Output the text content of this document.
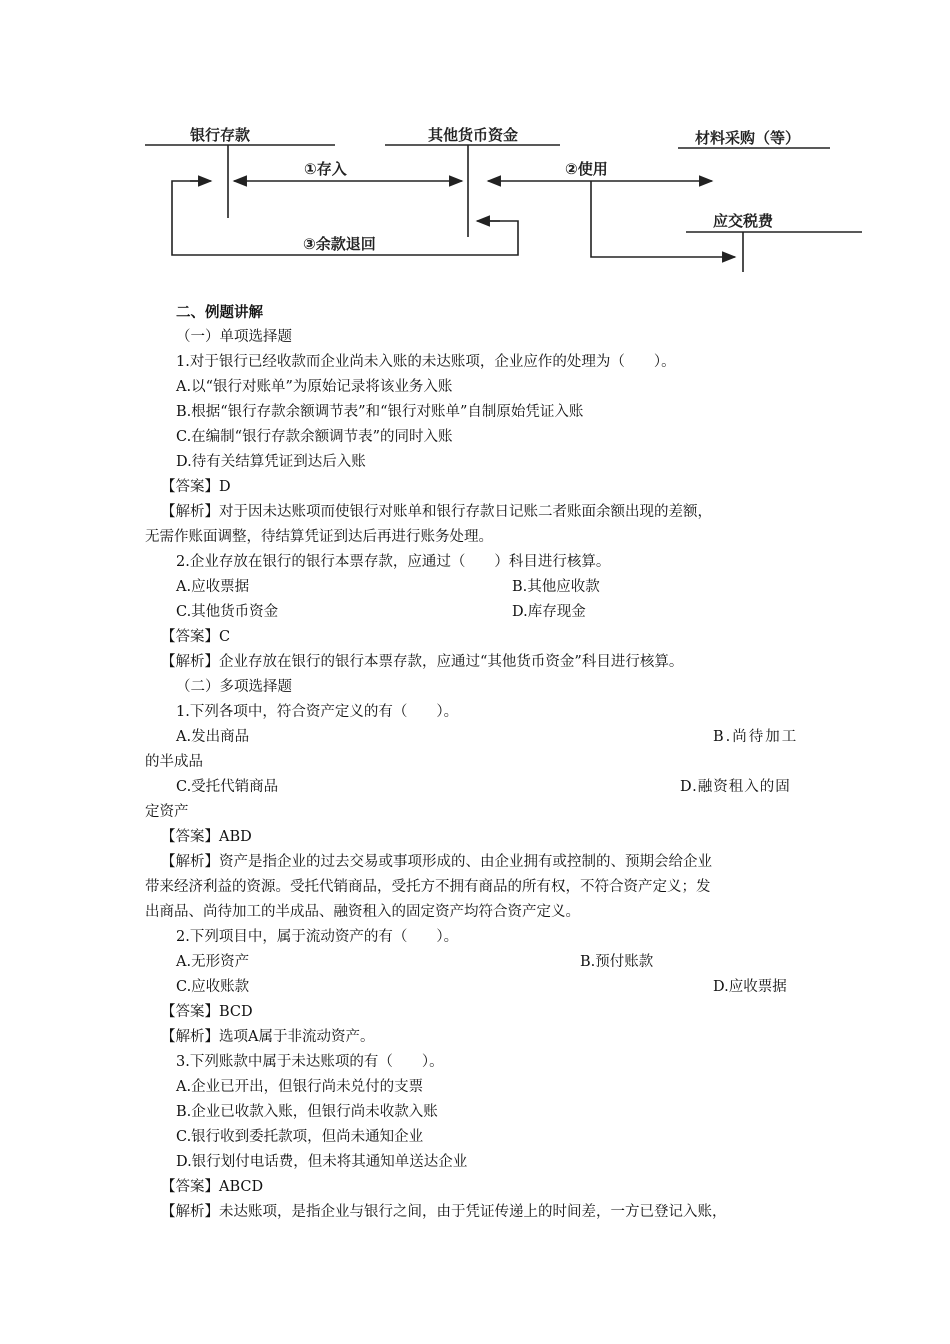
银行存款	其他货币资金	材料采购（等）
应交税费
①存入	②使用
③余款退回
二、例题讲解
（一）单项选择题
1.对于银行已经收款而企业尚未入账的未达账项，企业应作的处理为（　　）。
A.以“银行对账单”为原始记录将该业务入账
B.根据“银行存款余额调节表”和“银行对账单”自制原始凭证入账
C.在编制“银行存款余额调节表”的同时入账
D.待有关结算凭证到达后入账
【答案】D
【解析】对于因未达账项而使银行对账单和银行存款日记账二者账面余额出现的差额，
无需作账面调整，待结算凭证到达后再进行账务处理。
2.企业存放在银行的银行本票存款，应通过（　　）科目进行核算。
A.应收票据	B.其他应收款
C.其他货币资金	D.库存现金
【答案】C
【解析】企业存放在银行的银行本票存款，应通过“其他货币资金”科目进行核算。
（二）多项选择题
1.下列各项中，符合资产定义的有（　　）。
A.发出商品	B.尚待加工
的半成品
C.受托代销商品	D.融资租入的固
定资产
【答案】ABD
【解析】资产是指企业的过去交易或事项形成的、由企业拥有或控制的、预期会给企业
带来经济利益的资源。受托代销商品，受托方不拥有商品的所有权，不符合资产定义；发
出商品、尚待加工的半成品、融资租入的固定资产均符合资产定义。
2.下列项目中，属于流动资产的有（　　）。
A.无形资产	B.预付账款
C.应收账款	D.应收票据
【答案】BCD
【解析】选项A属于非流动资产。
3.下列账款中属于未达账项的有（　　）。
A.企业已开出，但银行尚未兑付的支票
B.企业已收款入账，但银行尚未收款入账
C.银行收到委托款项，但尚未通知企业
D.银行划付电话费，但未将其通知单送达企业
【答案】ABCD
【解析】未达账项，是指企业与银行之间，由于凭证传递上的时间差，一方已登记入账，
